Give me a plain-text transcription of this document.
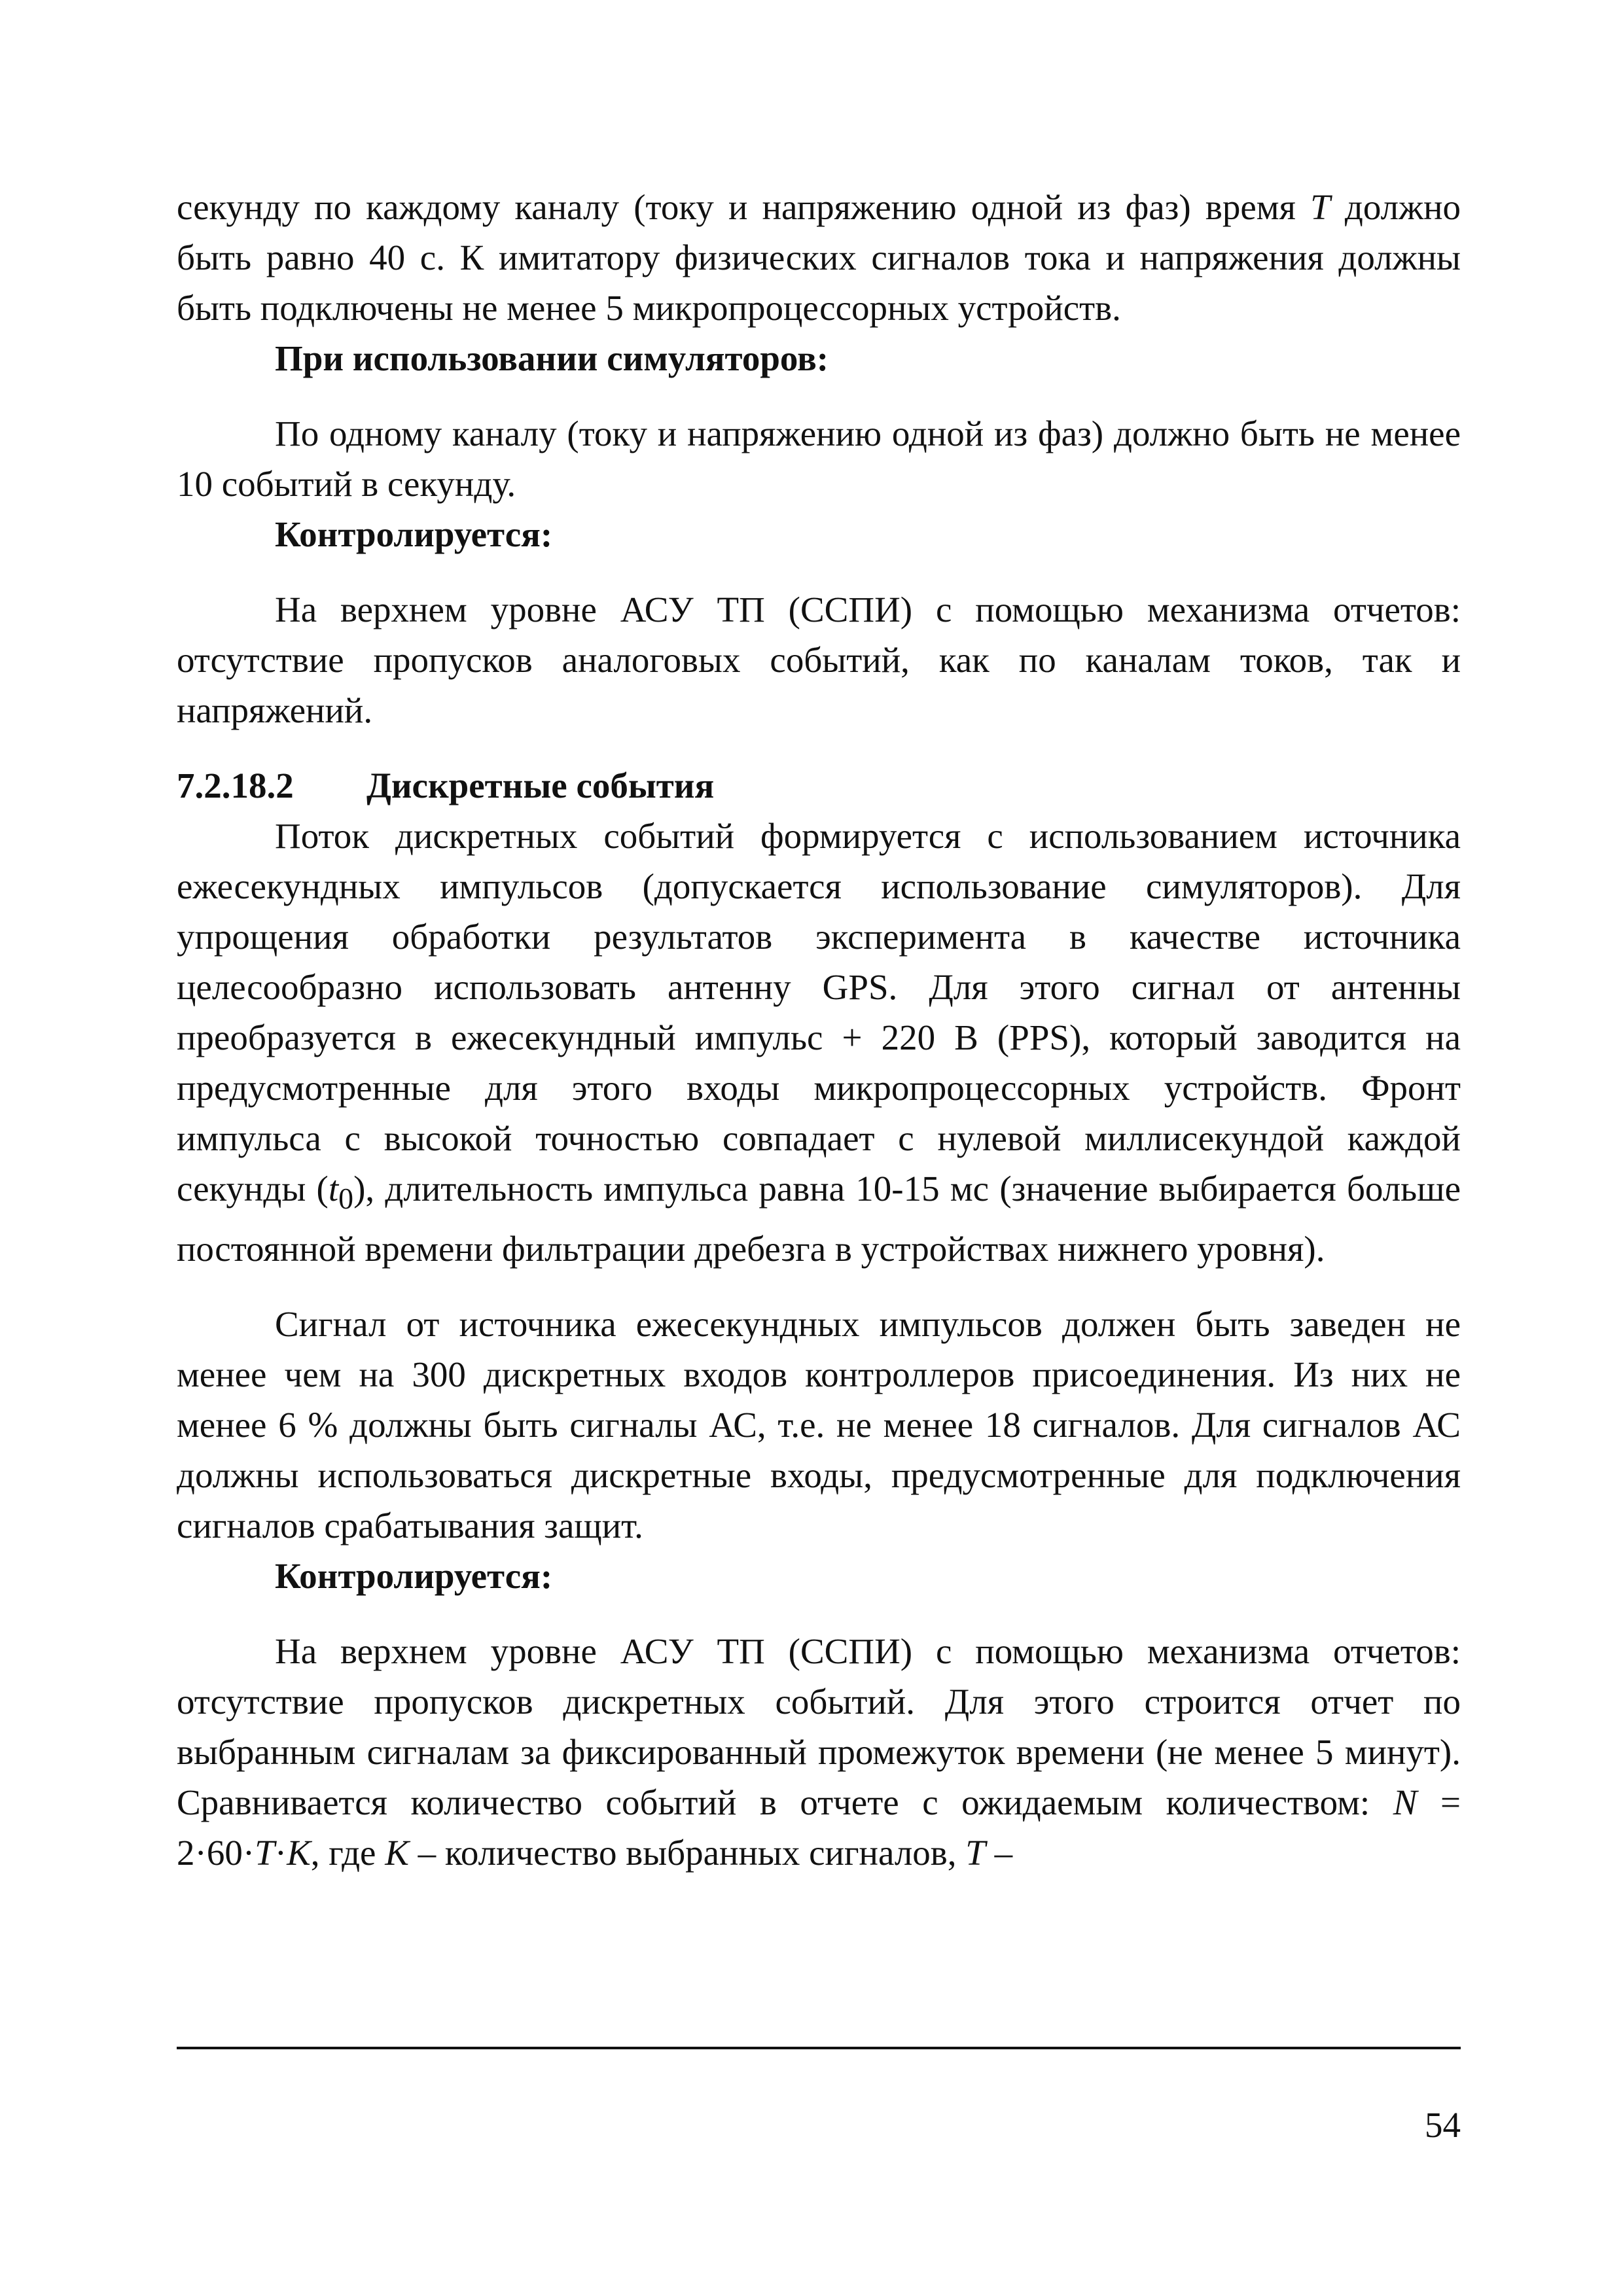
секунду по каждому каналу (току и напряжению одной из фаз) время T должно быть равно 40 с. К имитатору физических сигналов тока и напряжения должны быть подключены не менее 5 микропроцессорных устройств.

При использовании симуляторов:

По одному каналу (току и напряжению одной из фаз) должно быть не менее 10 событий в секунду.

Контролируется:

На верхнем уровне АСУ ТП (ССПИ) с помощью механизма отчетов: отсутствие пропусков аналоговых событий, как по каналам токов, так и напряжений.

7.2.18.2	Дискретные события

Поток дискретных событий формируется с использованием источника ежесекундных импульсов (допускается использование симуляторов). Для упрощения обработки результатов эксперимента в качестве источника целесообразно использовать антенну GPS. Для этого сигнал от антенны преобразуется в ежесекундный импульс + 220 В (PPS), который заводится на предусмотренные для этого входы микропроцессорных устройств. Фронт импульса с высокой точностью совпадает с нулевой миллисекундой каждой секунды $(t_0)$, длительность импульса равна 10-15 мс (значение выбирается больше постоянной времени фильтрации дребезга в устройствах нижнего уровня).

Сигнал от источника ежесекундных импульсов должен быть заведен не менее чем на 300 дискретных входов контроллеров присоединения. Из них не менее 6 % должны быть сигналы АС, т.е. не менее 18 сигналов. Для сигналов АС должны использоваться дискретные входы, предусмотренные для подключения сигналов срабатывания защит.

Контролируется:

На верхнем уровне АСУ ТП (ССПИ) с помощью механизма отчетов: отсутствие пропусков дискретных событий. Для этого строится отчет по выбранным сигналам за фиксированный промежуток времени (не менее 5 минут). Сравнивается количество событий в отчете с ожидаемым количеством: N = 2·60·T·K, где K – количество выбранных сигналов, T –

54
